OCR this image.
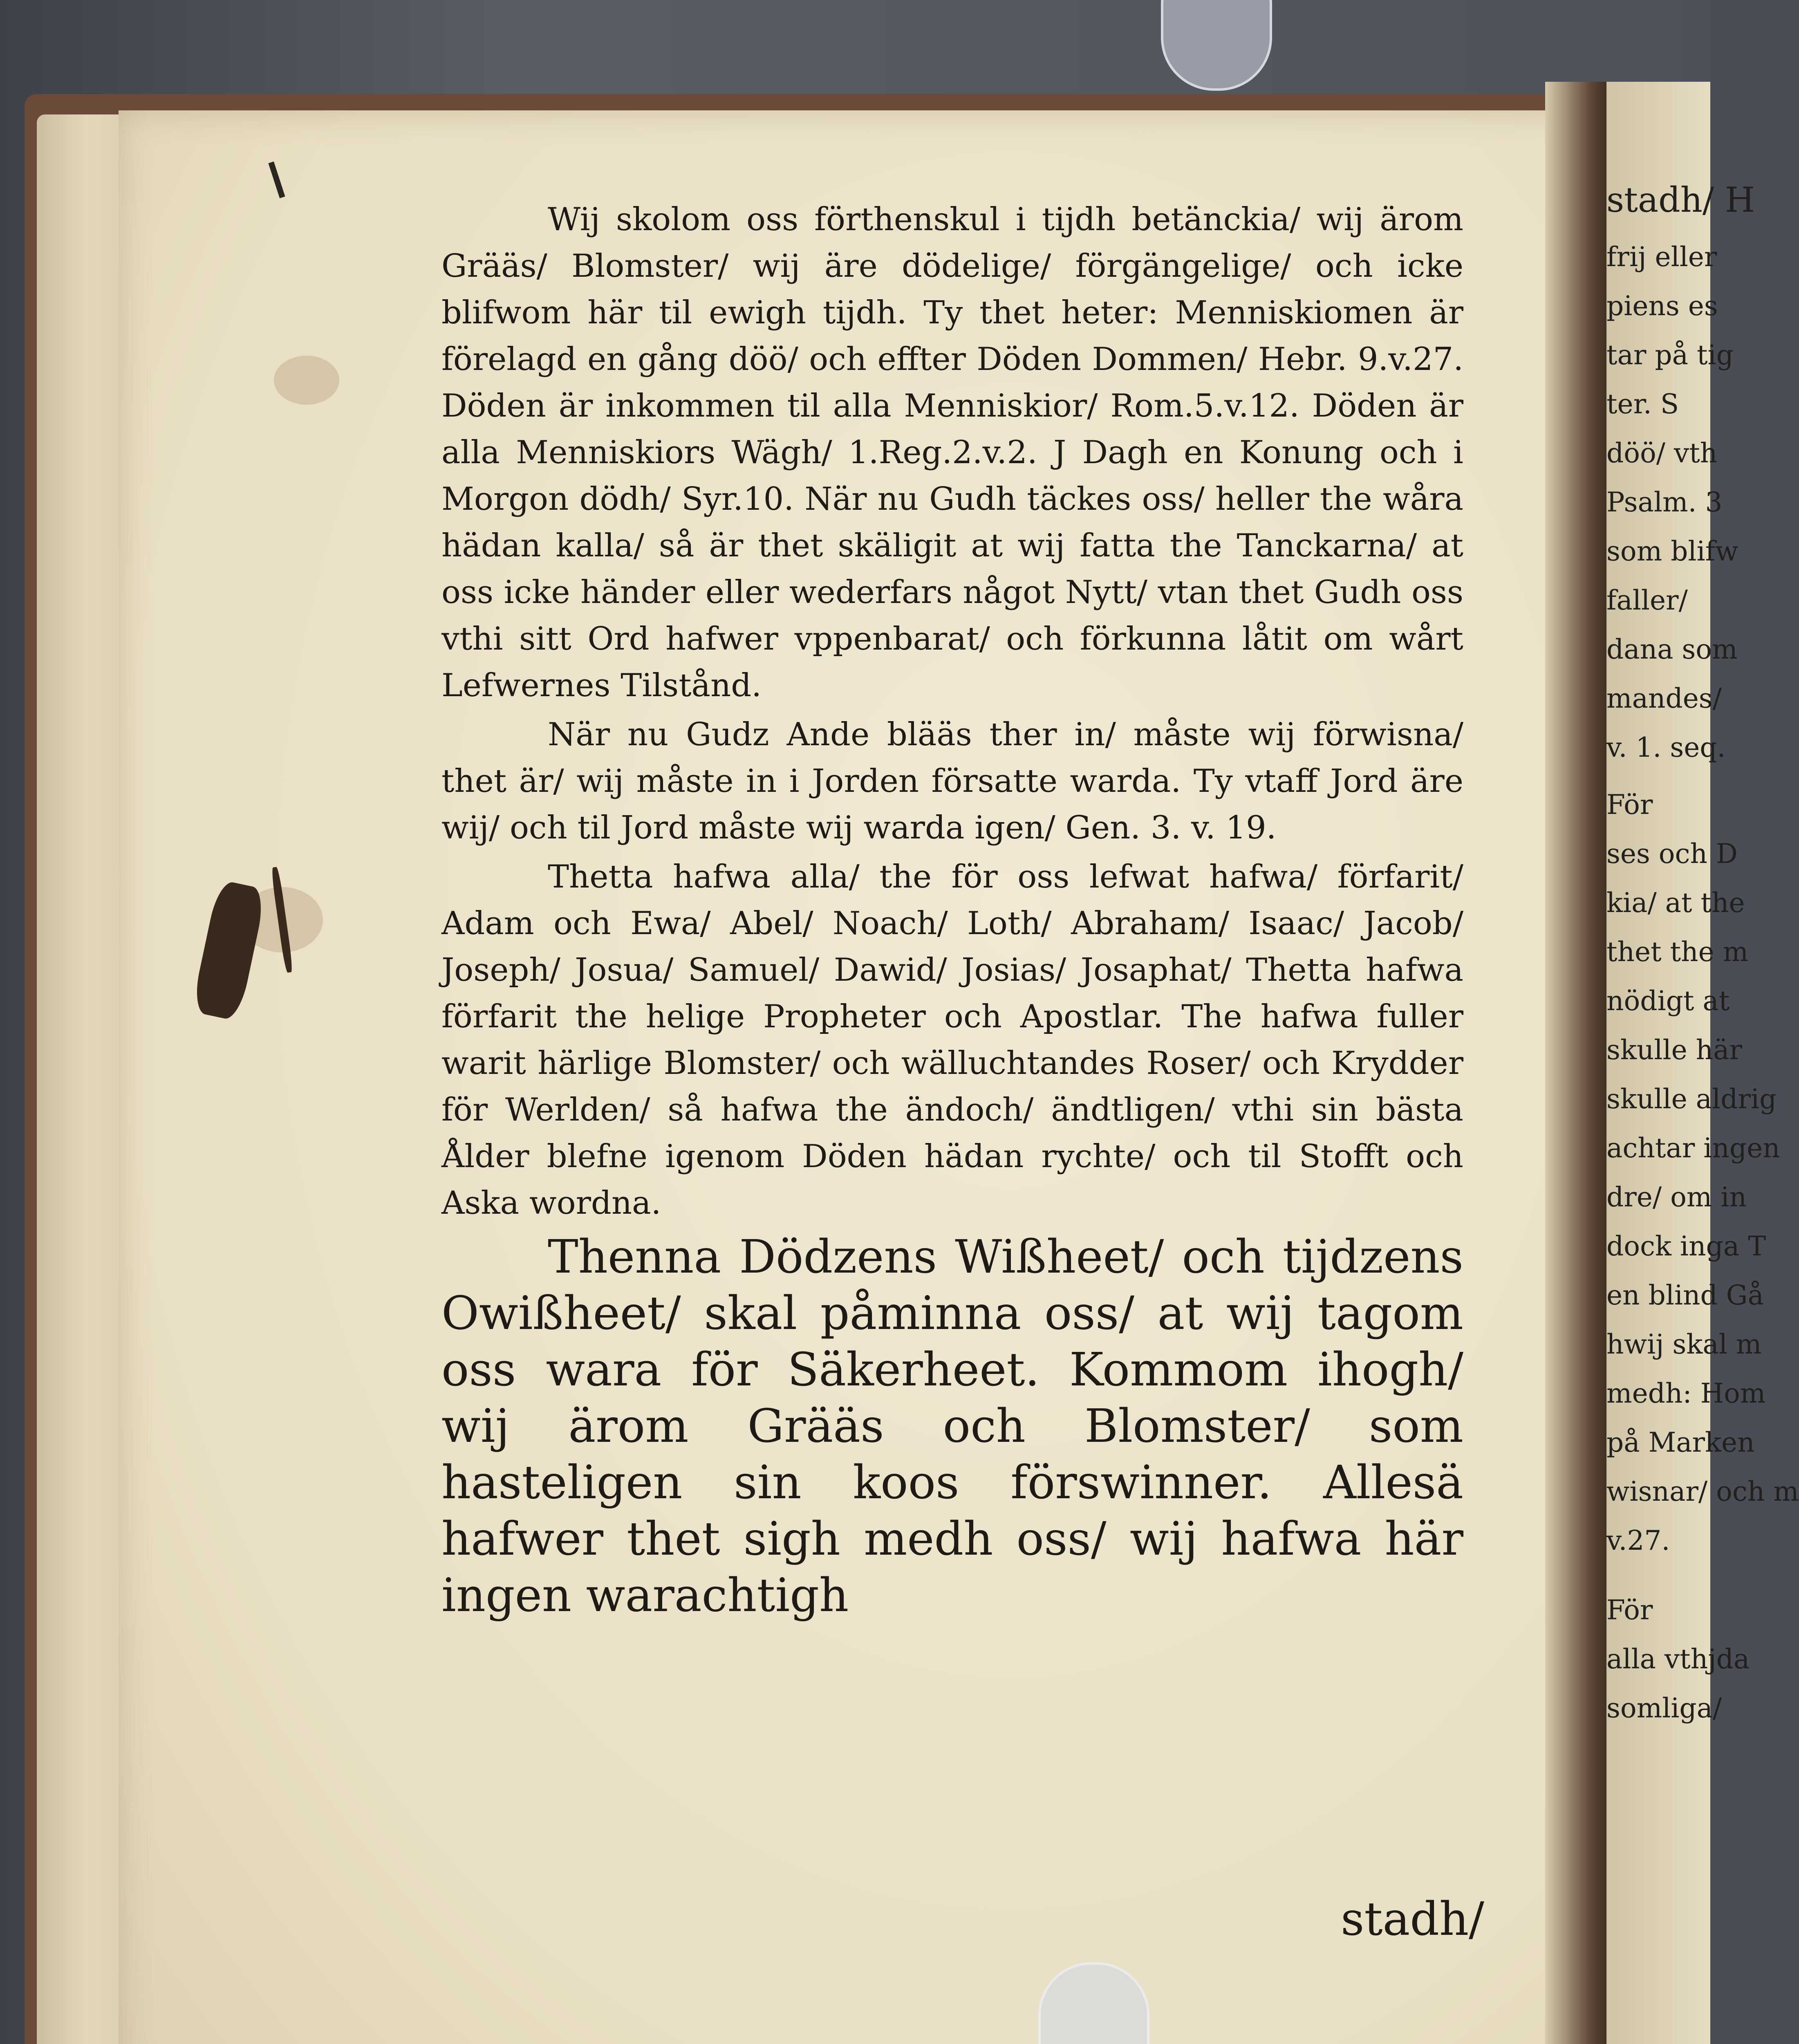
Wij skolom oss förthenskul i tijdh betänckia/ wij ärom Grääs/ Blomster/ wij äre dödelige/ förgängelige/ och icke blifwom här til ewigh tijdh. Ty thet heter: Menniskiomen är förelagd en gång döö/ och effter Döden Dommen/ Hebr. 9.v.27. Döden är inkommen til alla Menniskior/ Rom.5.v.12. Döden är alla Menniskiors Wägh/ 1.Reg.2.v.2. J Dagh en Konung och i Morgon dödh/ Syr.10. När nu Gudh täckes oss/ heller the wåra hädan kalla/ så är thet skäligit at wij fatta the Tanckarna/ at oss icke händer eller wederfars något Nytt/ vtan thet Gudh oss vthi sitt Ord hafwer vppenbarat/ och förkunna låtit om wårt Lefwernes Tilstånd.

När nu Gudz Ande blääs ther in/ måste wij förwisna/ thet är/ wij måste in i Jorden försatte warda. Ty vtaff Jord äre wij/ och til Jord måste wij warda igen/ Gen. 3. v. 19.

Thetta hafwa alla/ the för oss lefwat hafwa/ förfarit/ Adam och Ewa/ Abel/ Noach/ Loth/ Abraham/ Isaac/ Jacob/ Joseph/ Josua/ Samuel/ Dawid/ Josias/ Josaphat/ Thetta hafwa förfarit the helige Propheter och Apostlar. The hafwa fuller warit härlige Blomster/ och wälluchtandes Roser/ och Krydder för Werlden/ så hafwa the ändoch/ ändtligen/ vthi sin bästa Ålder blefne igenom Döden hädan rychte/ och til Stofft och Aska wordna.

Thenna Dödzens Wißheet/ och tijdzens Owißheet/ skal påminna oss/ at wij tagom oss wara för Säkerheet. Kommom ihogh/ wij ärom Grääs och Blomster/ som hasteligen sin koos förswinner. Allesä hafwer thet sigh medh oss/ wij hafwa här ingen warachtigh

stadh/
stadh/ H
frij eller
piens es
tar på tig
ter. S
döö/ vth
Psalm. 3
som blifw
faller/
dana som
mandes/
v. 1. seq.
För
ses och D
kia/ at the
thet the m
nödigt at
skulle här
skulle aldrig
achtar ingen
dre/ om in
dock inga T
en blind Gå
hwij skal m
medh: Hom
på Marken
wisnar/ och m
v.27.
För
alla vthjda
somliga/
